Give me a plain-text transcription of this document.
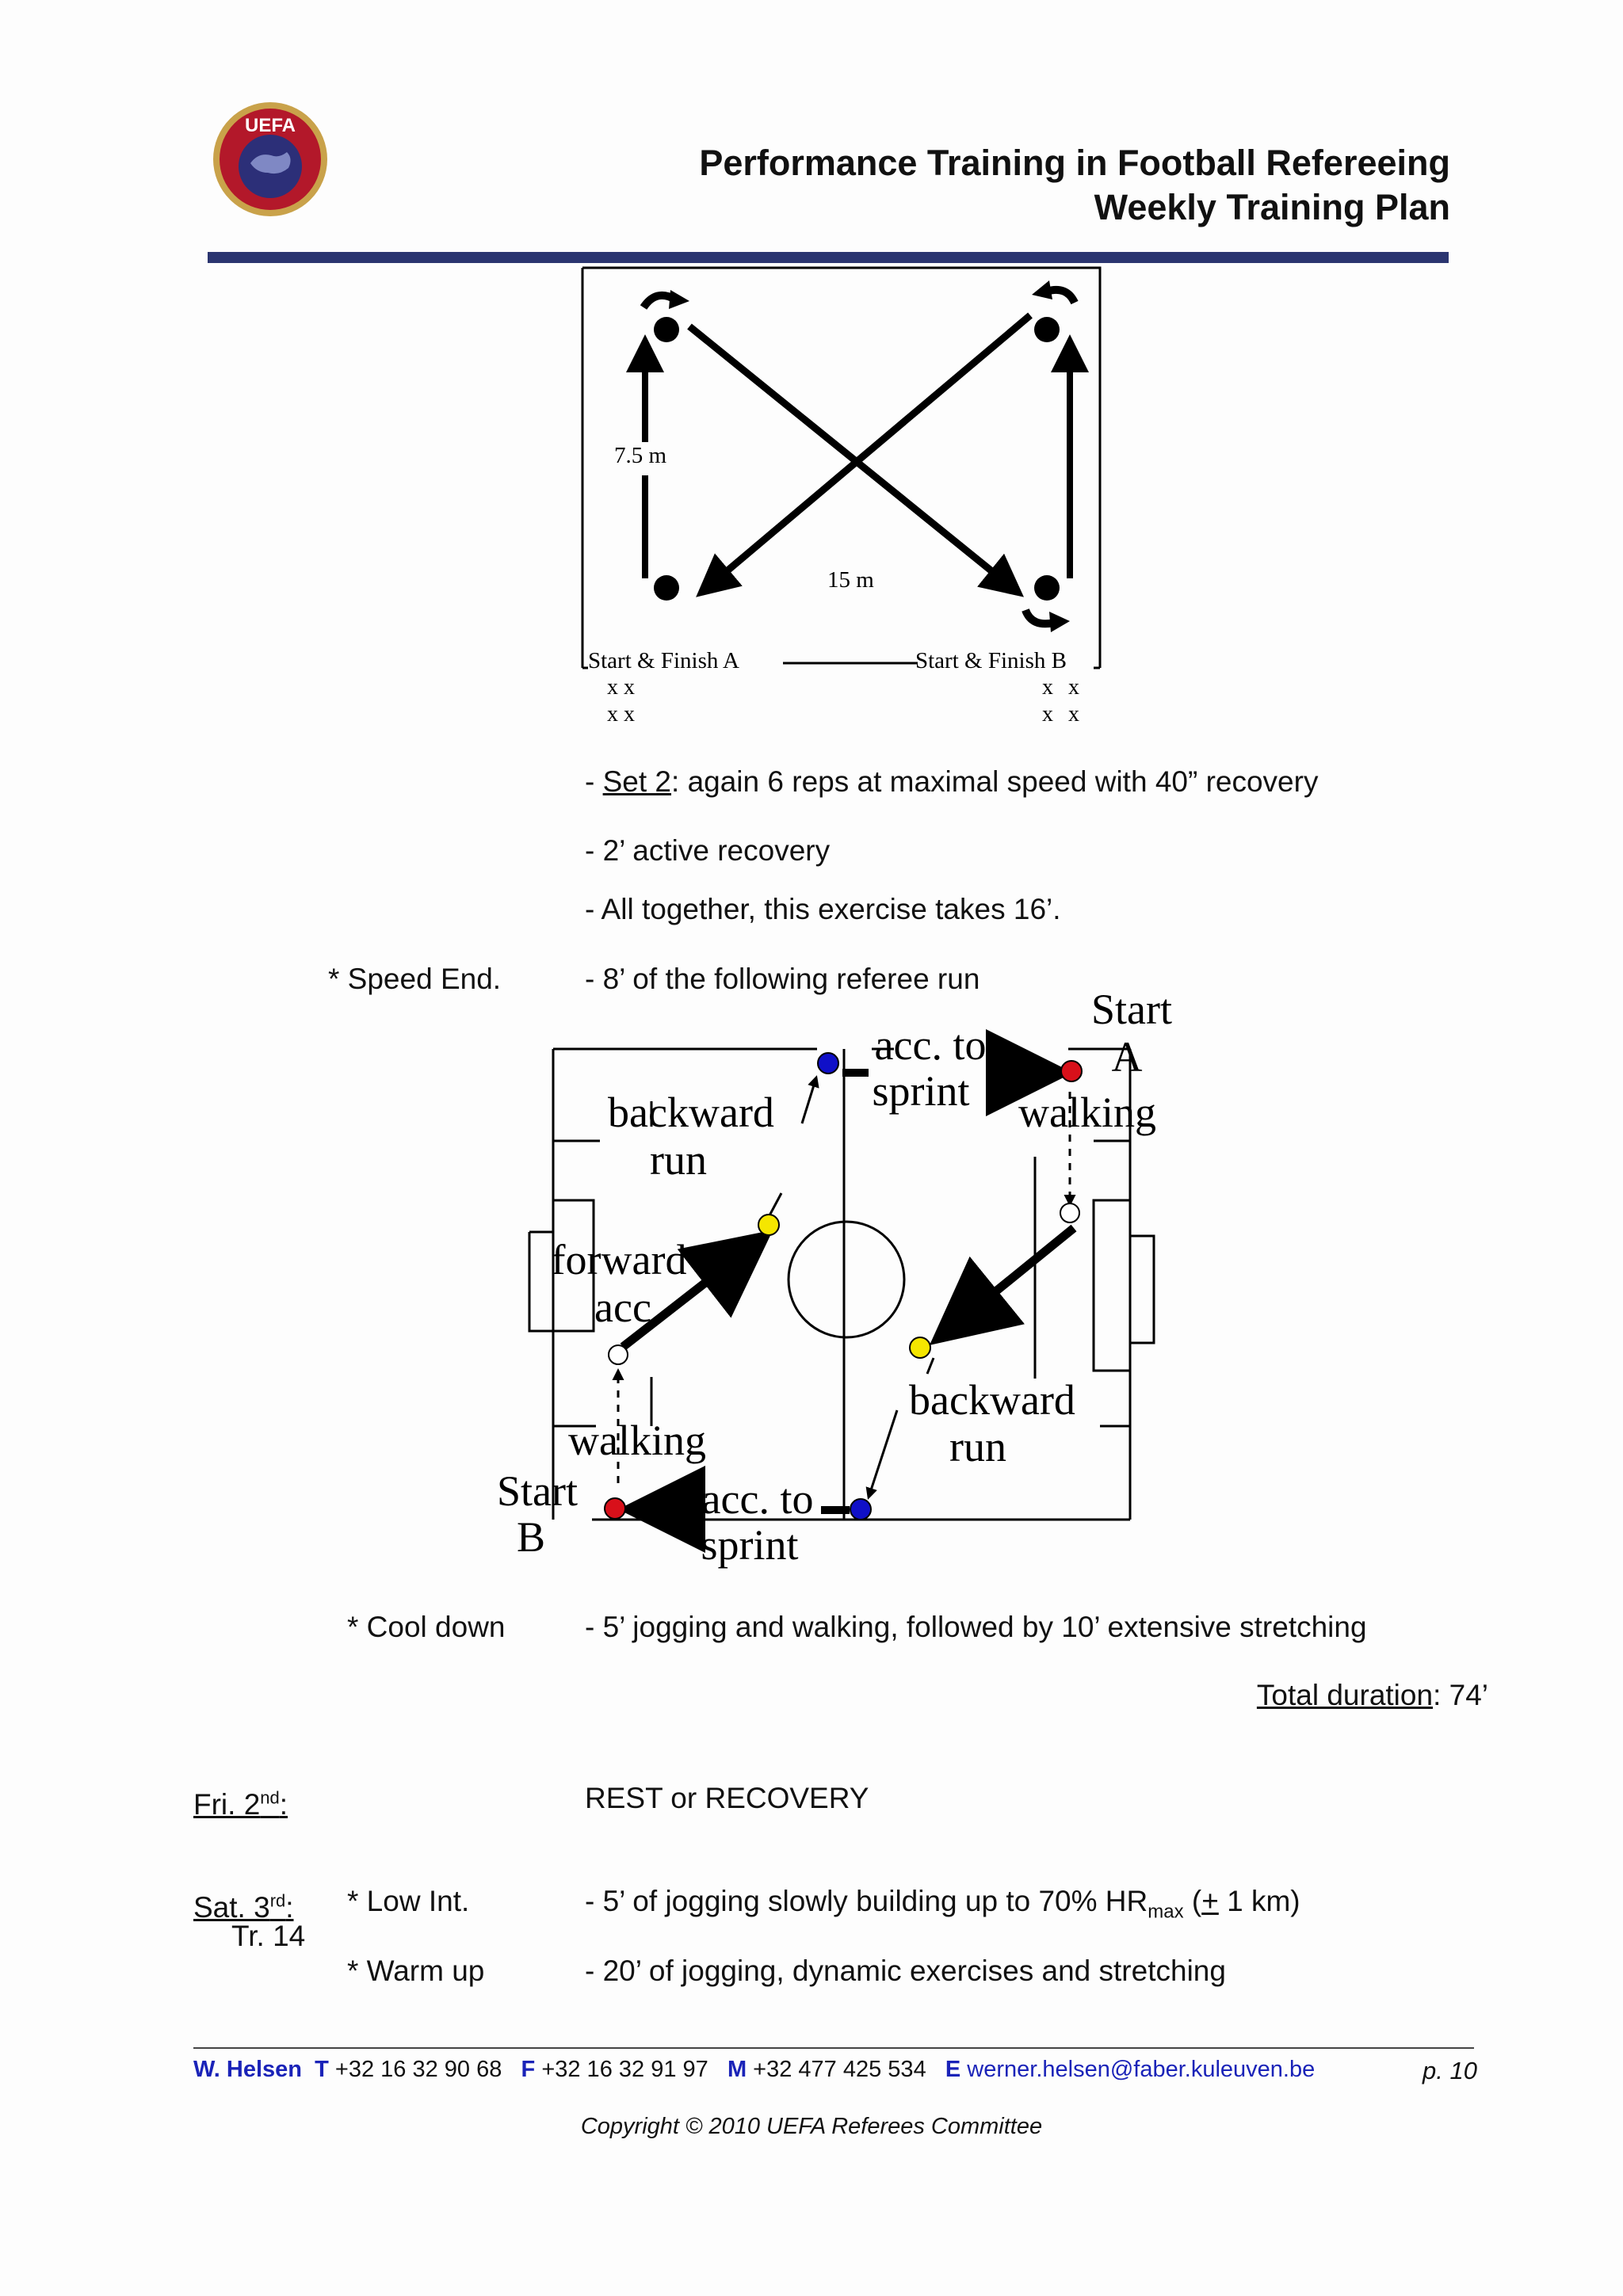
UEFA
Performance Training in Football Refereeing
Weekly Training Plan
7.5 m
15 m
Start & Finish A	Start & Finish B
x x
x x
x x
x x
- Set 2: again 6 reps at maximal speed with 40” recovery
- 2’ active recovery
- All together, this exercise takes 16’.
* Speed End.	- 8’ of the following referee run
Start
A
acc. to
sprint walking
backward
run
forward
acc
backward
run
walking
Start
B
acc. to
sprint
* Cool down	- 5’ jogging and walking, followed by 10’ extensive stretching
Total duration: 74’
Fri. 2nd:	REST or RECOVERY
Sat. 3rd:
Tr. 14
* Low Int.	- 5’ of jogging slowly building up to 70% $HR_{max}$ (+ 1 km)
* Warm up	- 20’ of jogging, dynamic exercises and stretching
W. Helsen T +32 16 32 90 68 F +32 16 32 91 97 M +32 477 425 534 E werner.helsen@faber.kuleuven.be	p. 10
Copyright © 2010 UEFA Referees Committee
